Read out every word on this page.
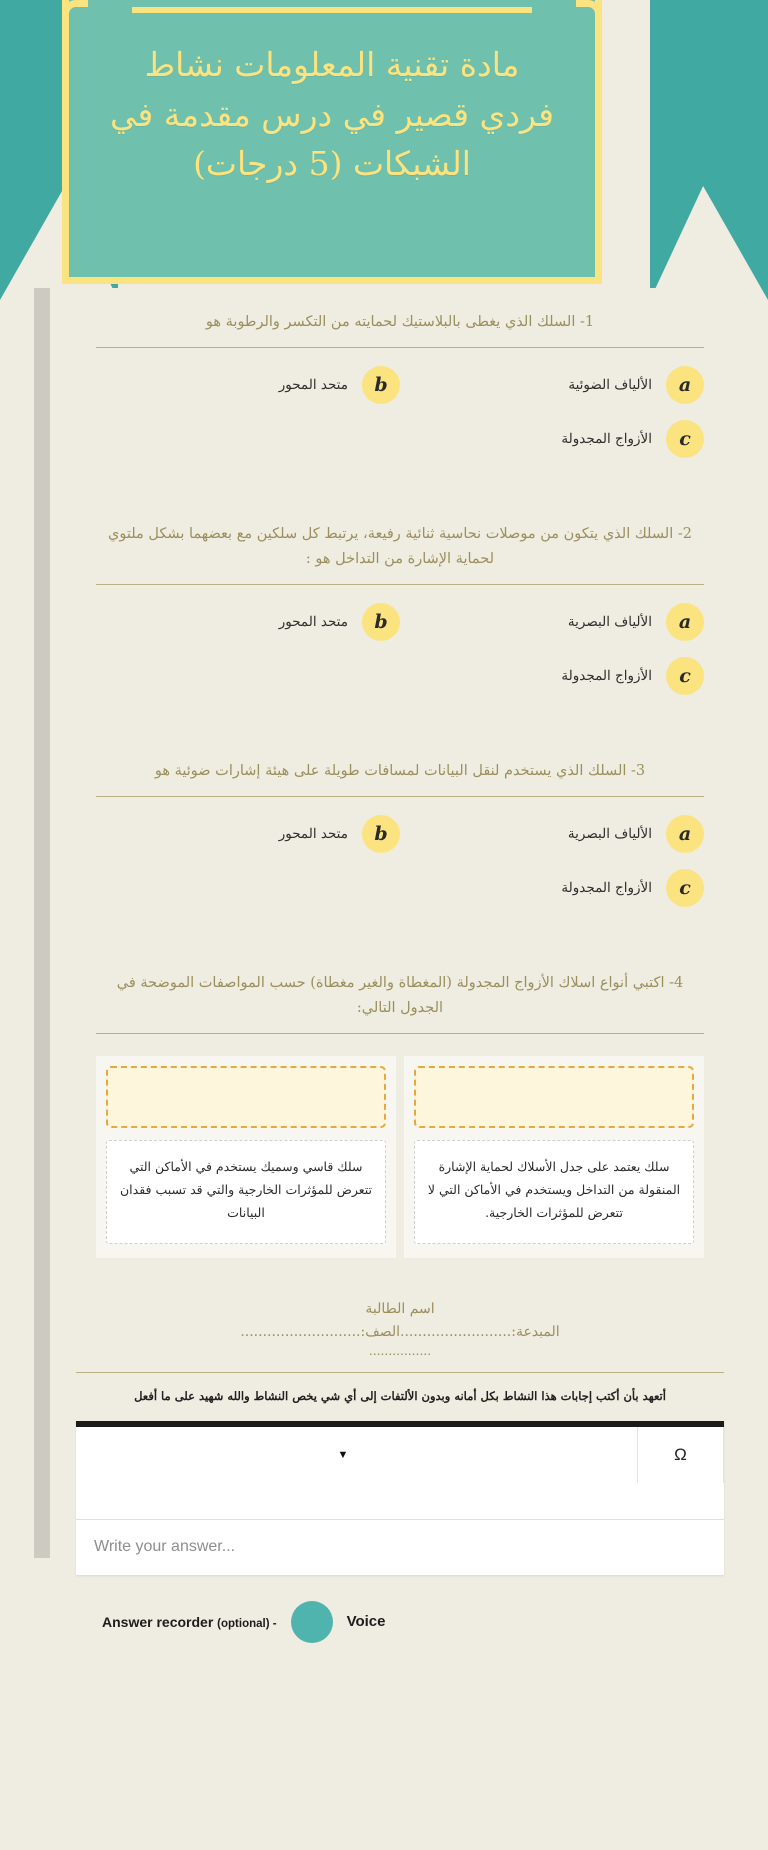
مادة تقنية المعلومات نشاط فردي قصير في درس مقدمة في الشبكات (5 درجات)

1- السلك الذي يغطى بالبلاستيك لحمايته من التكسر والرطوبة هو

b
متحد المحور	a
الألياف الضوئية
c
الأزواج المجدولة

2- السلك الذي يتكون من موصلات نحاسية ثنائية رفيعة، يرتبط كل سلكين مع بعضهما بشكل ملتوي لحماية الإشارة من التداخل هو :

b
متحد المحور	a
الألياف البصرية
c
الأزواج المجدولة

3- السلك الذي يستخدم لنقل البيانات لمسافات طويلة على هيئة إشارات ضوئية هو

b
متحد المحور	a
الألياف البصرية
c
الأزواج المجدولة

4- اكتبي أنواع اسلاك الأزواج المجدولة (المغطاة والغير مغطاة) حسب المواصفات الموضحة في الجدول التالي:

سلك قاسي وسميك يستخدم في الأماكن التي تتعرض للمؤثرات الخارجية والتي قد تسبب فقدان البيانات
سلك يعتمد على جدل الأسلاك لحماية الإشارة المنقولة من التداخل ويستخدم في الأماكن التي لا تتعرض للمؤثرات الخارجية.
اسم الطالبة
المبدعة:.........................الصف:...........................
................
أتعهد بأن أكتب إجابات هذا النشاط بكل أمانه وبدون الألتفات إلى أي شي يخص النشاط والله شهيد على ما أفعل
▼	Ω
Write your answer...
Answer recorder (optional) -	Voice
